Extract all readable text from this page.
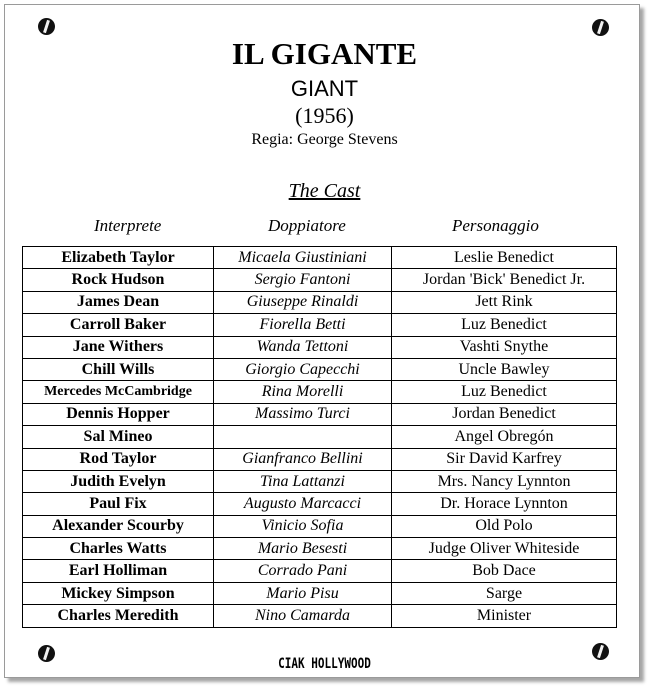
IL GIGANTE
GIANT
(1956)
Regia: George Stevens
The Cast
Interprete	Doppiatore	Personaggio
Elizabeth Taylor	Micaela Giustiniani	Leslie Benedict
Rock Hudson	Sergio Fantoni	Jordan 'Bick' Benedict Jr.
James Dean	Giuseppe Rinaldi	Jett Rink
Carroll Baker	Fiorella Betti	Luz Benedict
Jane Withers	Wanda Tettoni	Vashti Snythe
Chill Wills	Giorgio Capecchi	Uncle Bawley
Mercedes McCambridge	Rina Morelli	Luz Benedict
Dennis Hopper	Massimo Turci	Jordan Benedict
Sal Mineo		Angel Obregón
Rod Taylor	Gianfranco Bellini	Sir David Karfrey
Judith Evelyn	Tina Lattanzi	Mrs. Nancy Lynnton
Paul Fix	Augusto Marcacci	Dr. Horace Lynnton
Alexander Scourby	Vinicio Sofia	Old Polo
Charles Watts	Mario Besesti	Judge Oliver Whiteside
Earl Holliman	Corrado Pani	Bob Dace
Mickey Simpson	Mario Pisu	Sarge
Charles Meredith	Nino Camarda	Minister
CIAK HOLLYWOOD
